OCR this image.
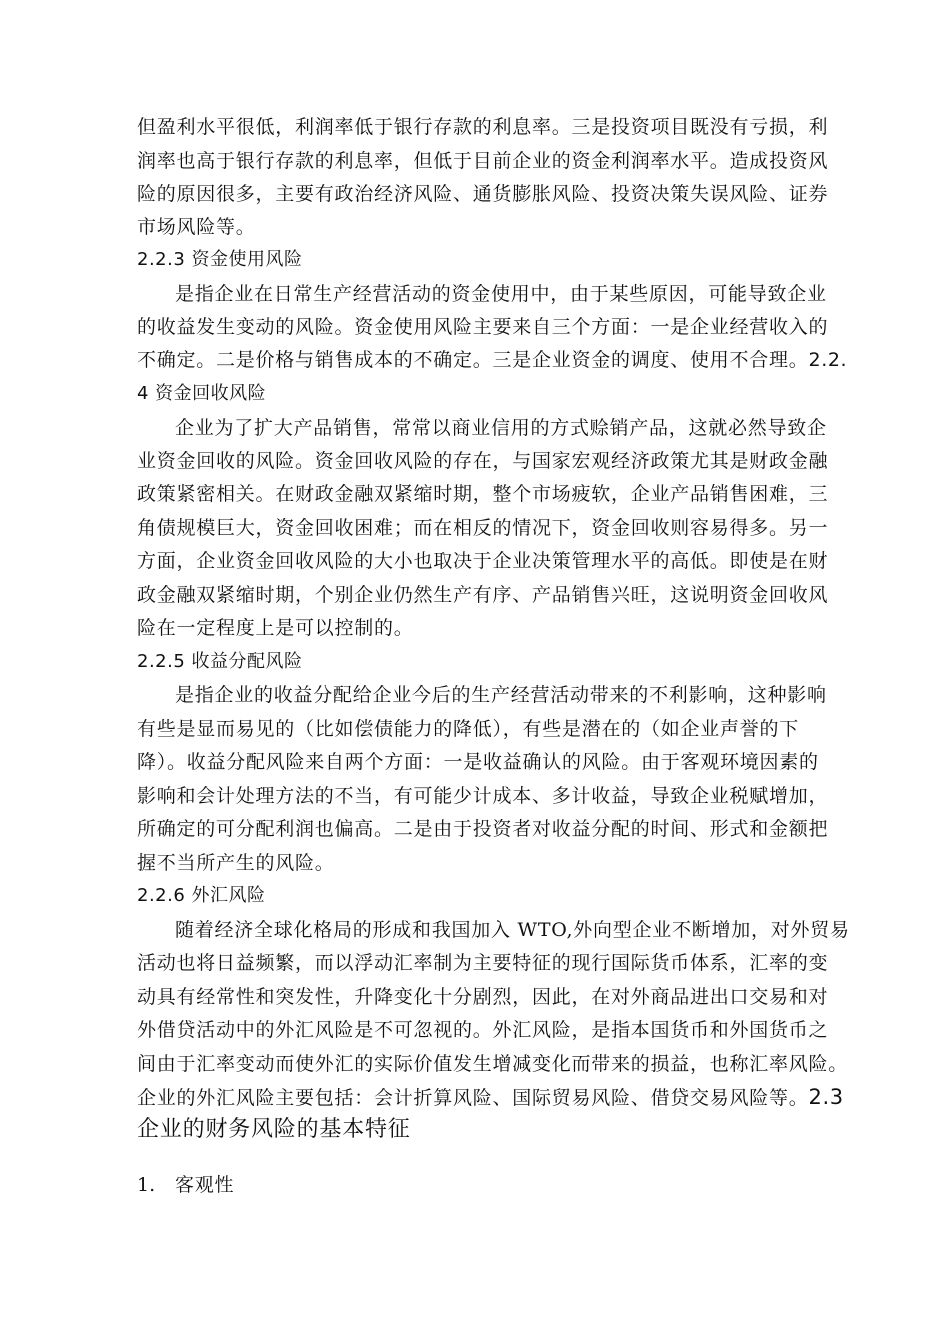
但盈利水平很低，利润率低于银行存款的利息率。三是投资项目既没有亏损，利
润率也高于银行存款的利息率，但低于目前企业的资金利润率水平。造成投资风
险的原因很多，主要有政治经济风险、通货膨胀风险、投资决策失误风险、证券
市场风险等。
2.2.3 资金使用风险
是指企业在日常生产经营活动的资金使用中，由于某些原因，可能导致企业
的收益发生变动的风险。资金使用风险主要来自三个方面：一是企业经营收入的
不确定。二是价格与销售成本的不确定。三是企业资金的调度、使用不合理。2.2.
4 资金回收风险
企业为了扩大产品销售，常常以商业信用的方式赊销产品，这就必然导致企
业资金回收的风险。资金回收风险的存在，与国家宏观经济政策尤其是财政金融
政策紧密相关。在财政金融双紧缩时期，整个市场疲软，企业产品销售困难，三
角债规模巨大，资金回收困难；而在相反的情况下，资金回收则容易得多。另一
方面，企业资金回收风险的大小也取决于企业决策管理水平的高低。即使是在财
政金融双紧缩时期，个别企业仍然生产有序、产品销售兴旺，这说明资金回收风
险在一定程度上是可以控制的。
2.2.5 收益分配风险
是指企业的收益分配给企业今后的生产经营活动带来的不利影响，这种影响
有些是显而易见的（比如偿债能力的降低），有些是潜在的（如企业声誉的下
降）。收益分配风险来自两个方面：一是收益确认的风险。由于客观环境因素的
影响和会计处理方法的不当，有可能少计成本、多计收益，导致企业税赋增加，
所确定的可分配利润也偏高。二是由于投资者对收益分配的时间、形式和金额把
握不当所产生的风险。
2.2.6 外汇风险
随着经济全球化格局的形成和我国加入 WTO,外向型企业不断增加，对外贸易
活动也将日益频繁，而以浮动汇率制为主要特征的现行国际货币体系，汇率的变
动具有经常性和突发性，升降变化十分剧烈，因此，在对外商品进出口交易和对
外借贷活动中的外汇风险是不可忽视的。外汇风险，是指本国货币和外国货币之
间由于汇率变动而使外汇的实际价值发生增减变化而带来的损益，也称汇率风险。
企业的外汇风险主要包括：会计折算风险、国际贸易风险、借贷交易风险等。2.3
企业的财务风险的基本特征
1. 客观性
